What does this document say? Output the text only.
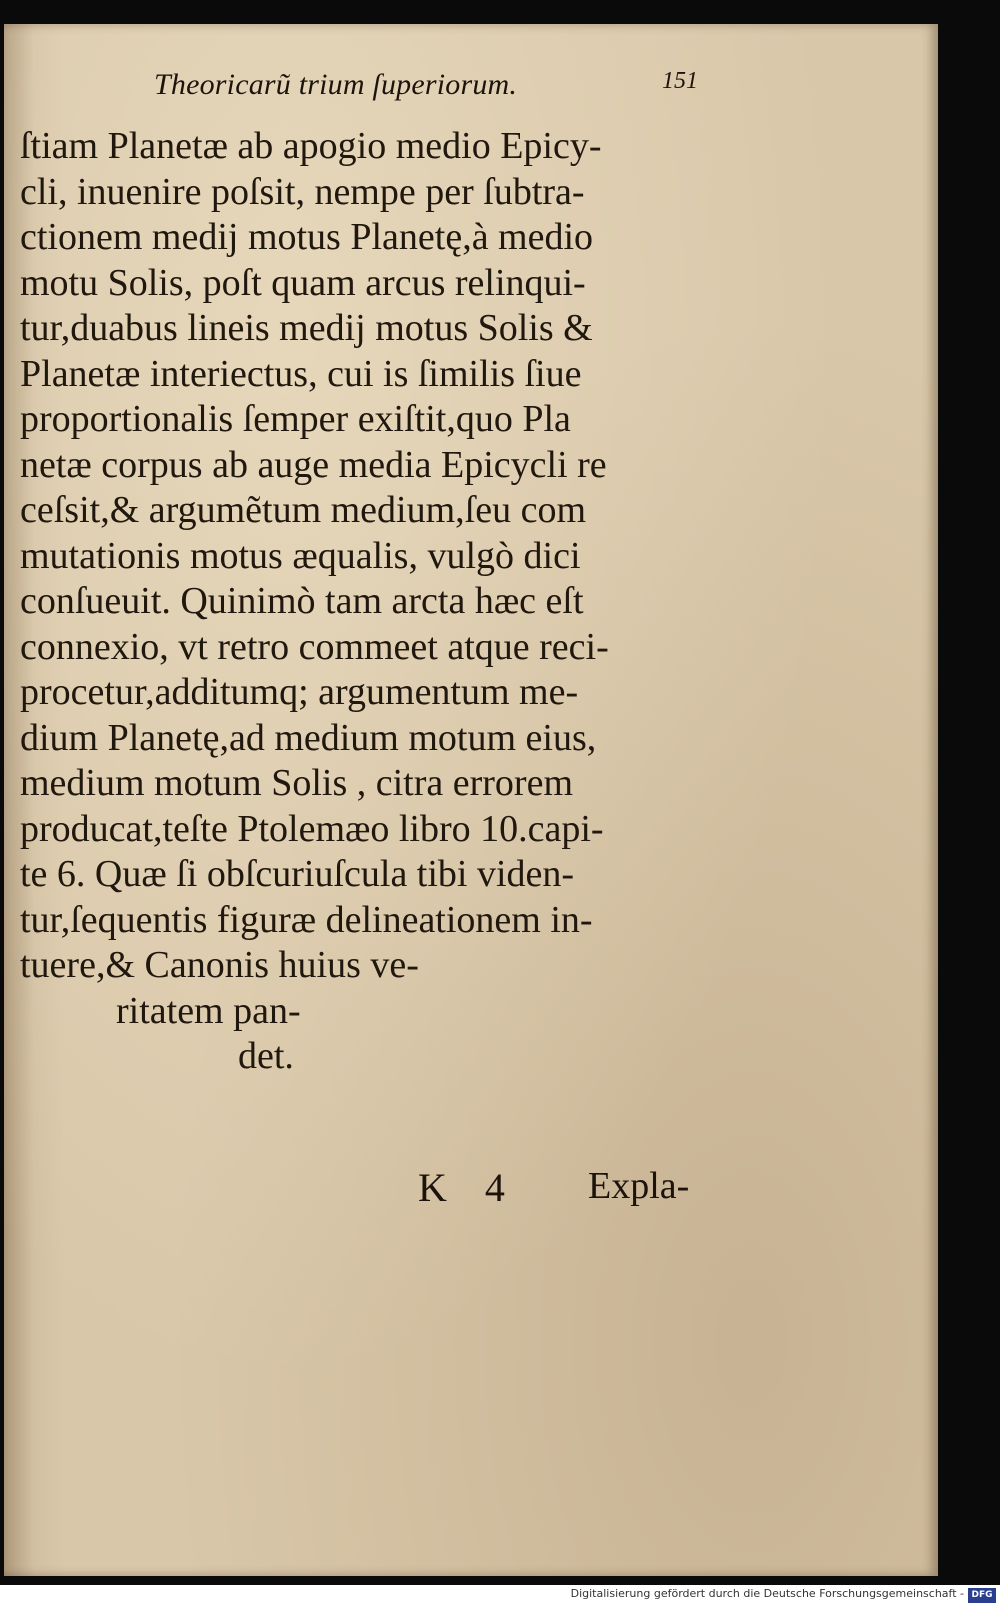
Theoricarũ trium ſuperiorum.	151
ſtiam Planetæ ab apogio medio Epicy-
cli, inuenire poſsit, nempe per ſubtra-
ctionem medij motus Planetę,à medio
motu Solis, poſt quam arcus relinqui-
tur,duabus lineis medij motus Solis &
Planetæ interiectus, cui is ſimilis ſiue
proportionalis ſemper exiſtit,quo Pla
netæ corpus ab auge media Epicycli re
ceſsit,& argumẽtum medium,ſeu com
mutationis motus æqualis, vulgò dici
conſueuit. Quinimò tam arcta hæc eſt
connexio, vt retro commeet atque reci-
procetur,additumq; argumentum me-
dium Planetę,ad medium motum eius,
medium motum Solis , citra errorem
producat,teſte Ptolemæo libro 10.capi-
te 6. Quæ ſi obſcuriuſcula tibi viden-
tur,ſequentis figuræ delineationem in-
tuere,& Canonis huius ve-
ritatem pan-
det.
K 4 Expla-
Digitalisierung gefördert durch die Deutsche Forschungsgemeinschaft - DFG
